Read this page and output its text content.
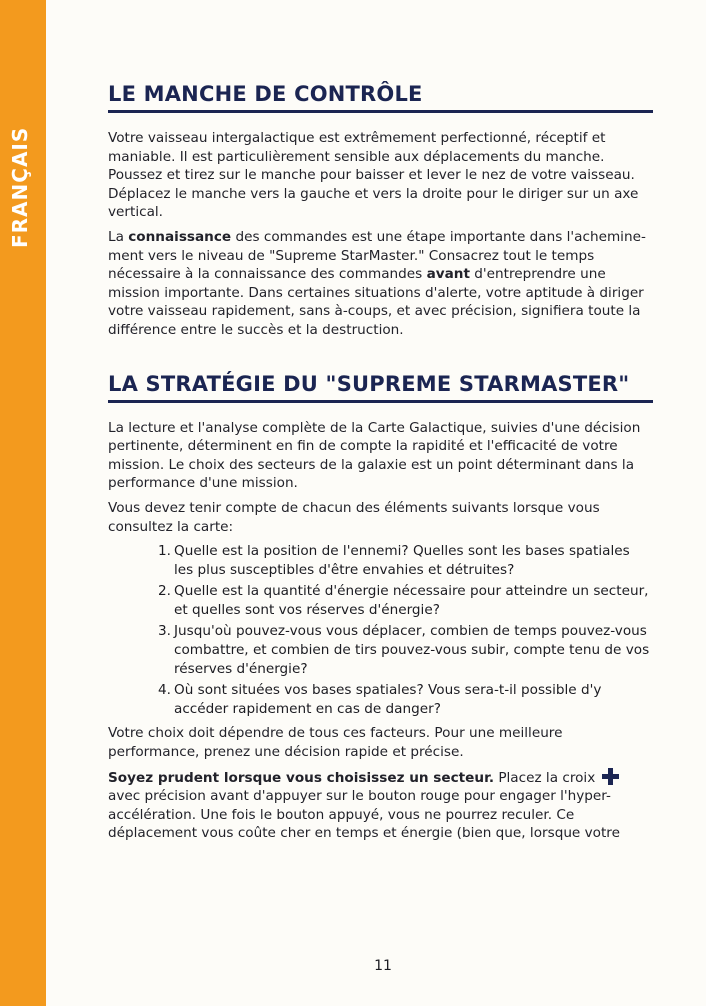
FRANÇAIS
LE MANCHE DE CONTRÔLE

Votre vaisseau intergalactique est extrêmement perfectionné, réceptif et maniable. Il est particulièrement sensible aux déplacements du manche. Poussez et tirez sur le manche pour baisser et lever le nez de votre vaisseau. Déplacez le manche vers la gauche et vers la droite pour le diriger sur un axe vertical.

La connaissance des commandes est une étape importante dans l'achemine-ment vers le niveau de "Supreme StarMaster." Consacrez tout le temps nécessaire à la connaissance des commandes avant d'entreprendre une mission importante. Dans certaines situations d'alerte, votre aptitude à diriger votre vaisseau rapidement, sans à-coups, et avec précision, signifiera toute la différence entre le succès et la destruction.

LA STRATÉGIE DU "SUPREME STARMASTER"

La lecture et l'analyse complète de la Carte Galactique, suivies d'une décision pertinente, déterminent en fin de compte la rapidité et l'efficacité de votre mission. Le choix des secteurs de la galaxie est un point déterminant dans la performance d'une mission.

Vous devez tenir compte de chacun des éléments suivants lorsque vous consultez la carte:

1. Quelle est la position de l'ennemi? Quelles sont les bases spatiales les plus susceptibles d'être envahies et détruites?
2. Quelle est la quantité d'énergie nécessaire pour atteindre un secteur, et quelles sont vos réserves d'énergie?
3. Jusqu'où pouvez-vous vous déplacer, combien de temps pouvez-vous combattre, et combien de tirs pouvez-vous subir, compte tenu de vos réserves d'énergie?
4. Où sont situées vos bases spatiales? Vous sera-t-il possible d'y accéder rapidement en cas de danger?

Votre choix doit dépendre de tous ces facteurs. Pour une meilleure performance, prenez une décision rapide et précise.

Soyez prudent lorsque vous choisissez un secteur. Placez la croix  avec précision avant d'appuyer sur le bouton rouge pour engager l'hyper-accélération. Une fois le bouton appuyé, vous ne pourrez reculer. Ce déplacement vous coûte cher en temps et énergie (bien que, lorsque votre

11
